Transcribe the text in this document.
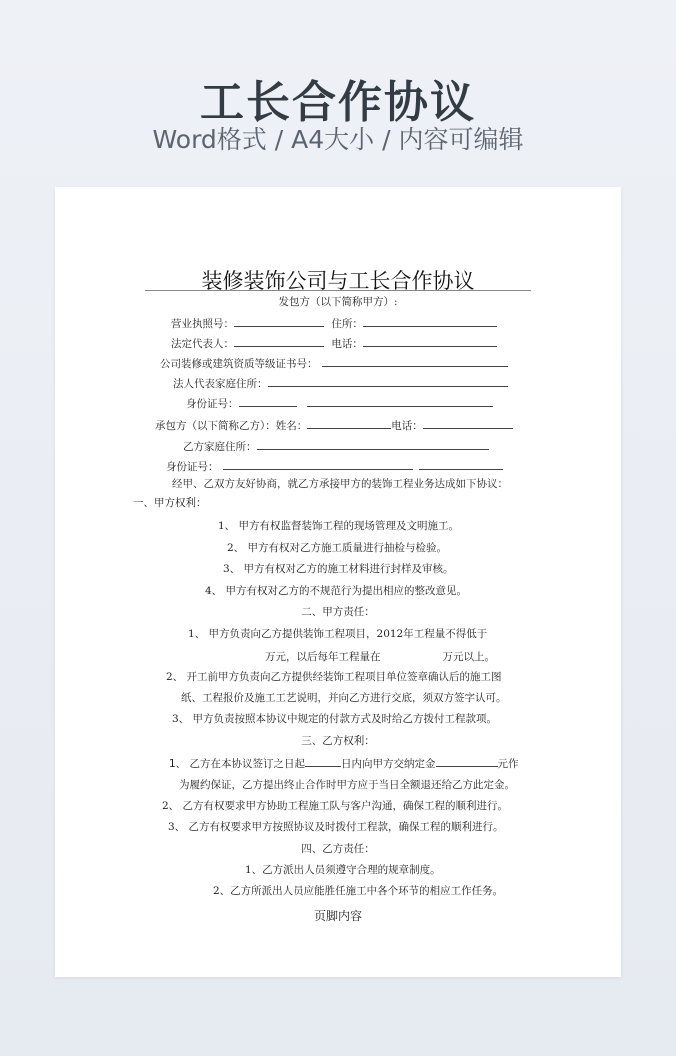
工长合作协议
Word格式 / A4大小 / 内容可编辑
装修装饰公司与工长合作协议
发包方（以下简称甲方）:
营业执照号：	住所：
法定代表人：	电话：
公司装修或建筑资质等级证书号：
法人代表家庭住所：
身份证号：
承包方（以下简称乙方）：姓名：	电话：
乙方家庭住所：
身份证号：
经甲、乙双方友好协商，就乙方承接甲方的装饰工程业务达成如下协议：
一、甲方权利：
1、 甲方有权监督装饰工程的现场管理及文明施工。
2、 甲方有权对乙方施工质量进行抽检与检验。
3、 甲方有权对乙方的施工材料进行封样及审核。
4、 甲方有权对乙方的不规范行为提出相应的整改意见。
二、甲方责任：
1、 甲方负责向乙方提供装饰工程项目，2012年工程量不得低于
万元，以后每年工程量在	万元以上。
2、 开工前甲方负责向乙方提供经装饰工程项目单位签章确认后的施工图
纸、工程报价及施工工艺说明，并向乙方进行交底，须双方签字认可。
3、 甲方负责按照本协议中规定的付款方式及时给乙方拨付工程款项。
三、乙方权利：
1、 乙方在本协议签订之日起	日内向甲方交纳定金	元作
为履约保证，乙方提出终止合作时甲方应于当日全额退还给乙方此定金。
2、 乙方有权要求甲方协助工程施工队与客户沟通，确保工程的顺利进行。
3、 乙方有权要求甲方按照协议及时拨付工程款，确保工程的顺利进行。
四、乙方责任：
1、乙方派出人员须遵守合理的规章制度。
2、乙方所派出人员应能胜任施工中各个环节的相应工作任务。
页脚内容
